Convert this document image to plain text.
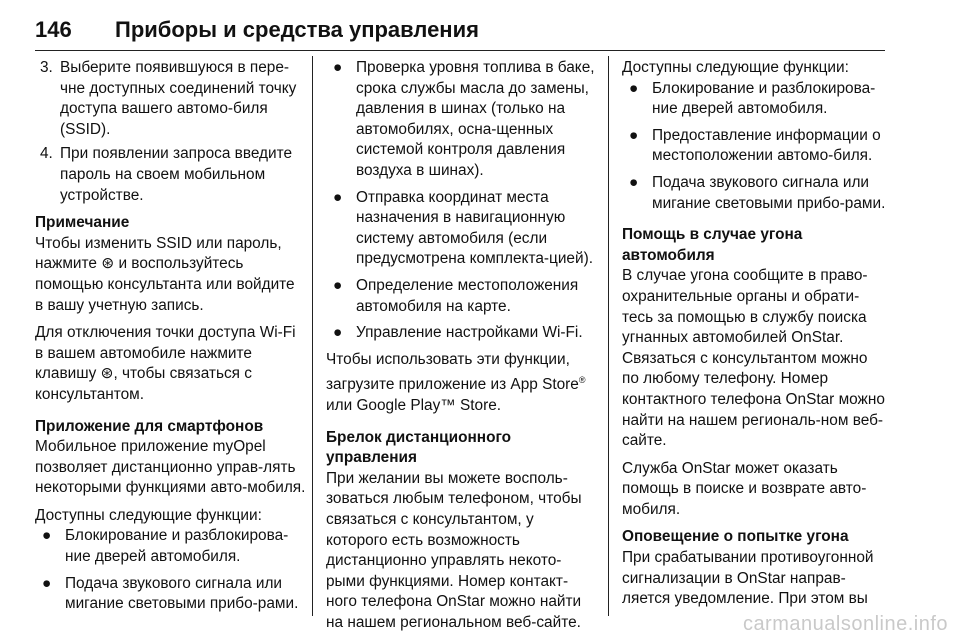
146 Приборы и средства управления
3. Выберите появившуюся в пере-чне доступных соединений точку доступа вашего автомо-биля (SSID).
4. При появлении запроса введите пароль на своем мобильном устройстве.

Примечание

Чтобы изменить SSID или пароль, нажмите ⊛ и воспользуйтесь помощью консультанта или войдите в вашу учетную запись.

Для отключения точки доступа Wi-Fi в вашем автомобиле нажмите клавишу ⊛, чтобы связаться с консультантом.

Приложение для смартфонов

Мобильное приложение myOpel позволяет дистанционно управ-лять некоторыми функциями авто-мобиля.

Доступны следующие функции:

● Блокирование и разблокирова-ние дверей автомобиля.
● Подача звукового сигнала или мигание световыми прибо-рами.
● Проверка уровня топлива в баке, срока службы масла до замены, давления в шинах (только на автомобилях, осна-щенных системой контроля давления воздуха в шинах).
● Отправка координат места назначения в навигационную систему автомобиля (если предусмотрена комплекта-цией).
● Определение местоположения автомобиля на карте.
● Управление настройками Wi-Fi.

Чтобы использовать эти функции, загрузите приложение из App Store® или Google Play™ Store.

Брелок дистанционного управления

При желании вы можете восполь-зоваться любым телефоном, чтобы связаться с консультантом, у которого есть возможность дистанционно управлять некото-рыми функциями. Номер контакт-ного телефона OnStar можно найти на нашем региональном веб-сайте.

Доступны следующие функции:

● Блокирование и разблокирова-ние дверей автомобиля.
● Предоставление информации о местоположении автомо-биля.
● Подача звукового сигнала или мигание световыми прибо-рами.

Помощь в случае угона автомобиля

В случае угона сообщите в право-охранительные органы и обрати-тесь за помощью в службу поиска угнанных автомобилей OnStar. Связаться с консультантом можно по любому телефону. Номер контактного телефона OnStar можно найти на нашем региональ-ном веб-сайте.

Служба OnStar может оказать помощь в поиске и возврате авто-мобиля.

Оповещение о попытке угона

При срабатывании противоугонной сигнализации в OnStar направ-ляется уведомление. При этом вы

carmanualsonline.info
